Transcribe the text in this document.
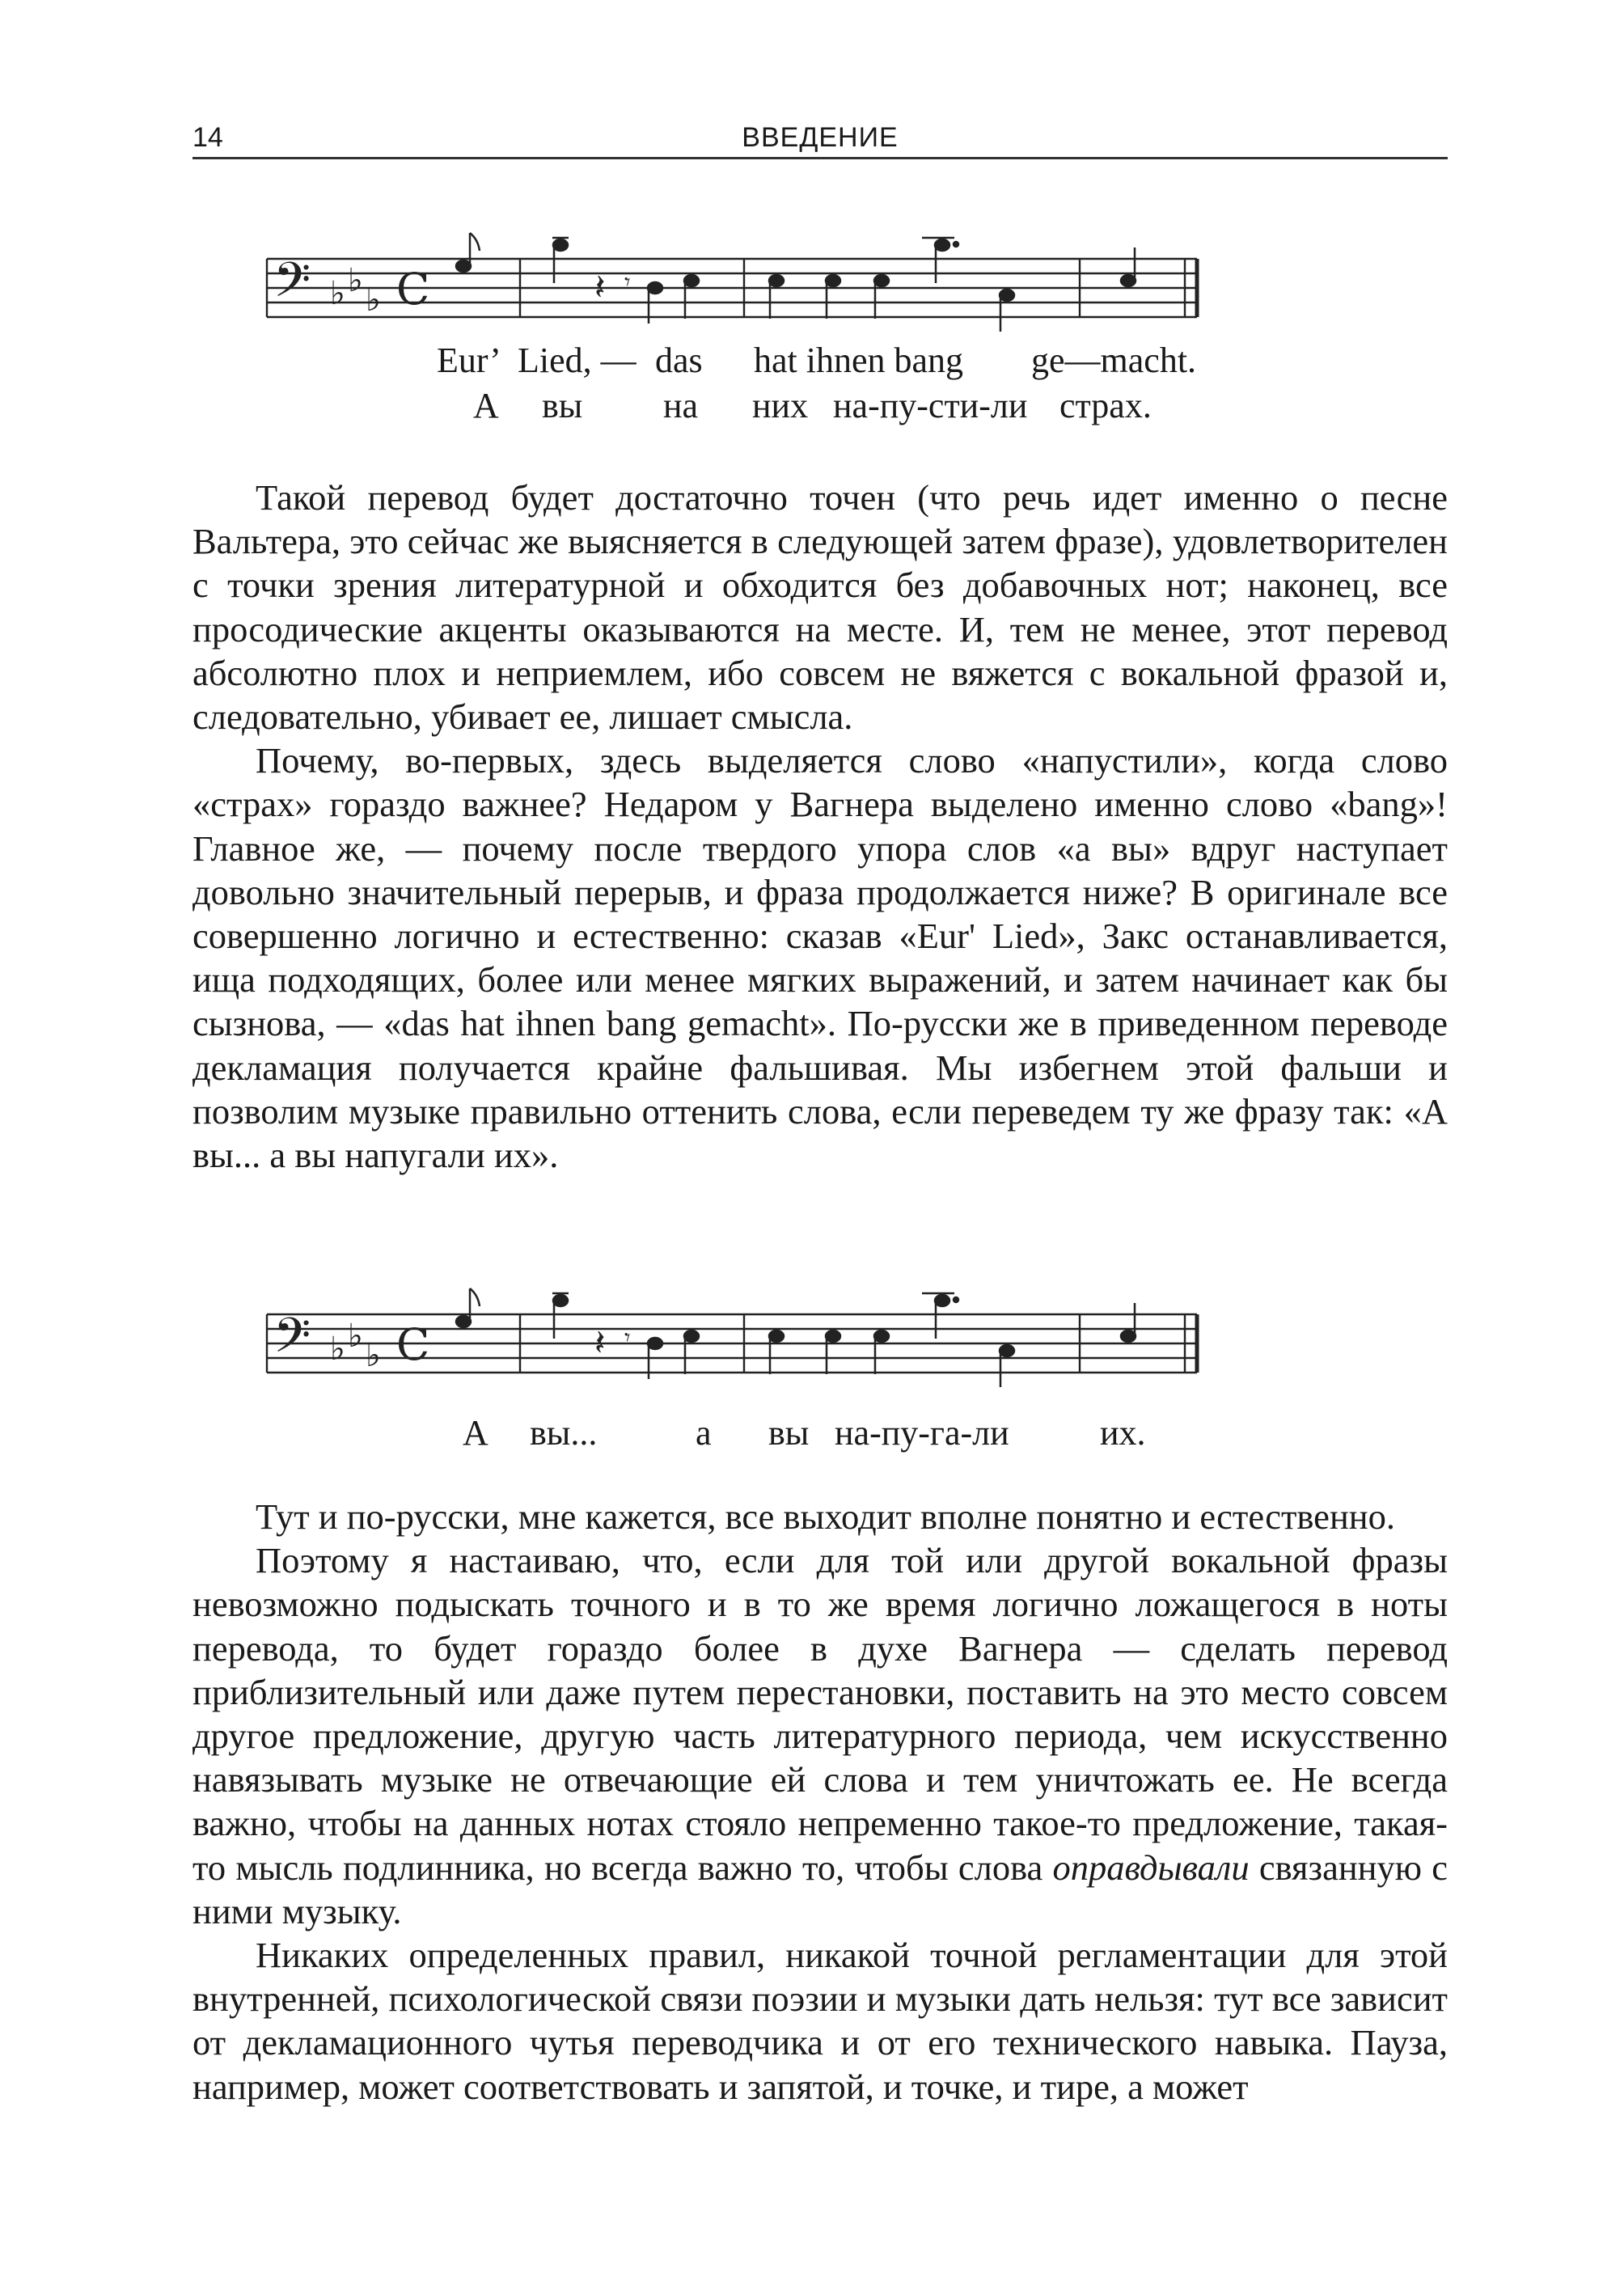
14	ВВЕДЕНИЕ
𝄢 ♭ ♭
♭ C	𝄽 𝄾

Eur’

Lied, —

das

hat ihnen bang

ge—macht.

А

вы

на

них

на-пу-сти-ли

страх.

Такой перевод будет достаточно точен (что речь идет именно о песне Вальтера, это сейчас же выясняется в следующей затем фразе), удовлетворителен с точки зрения литературной и обходится без добавочных нот; наконец, все просодические акценты оказываются на месте. И, тем не менее, этот перевод абсолютно плох и неприемлем, ибо совсем не вяжется с вокальной фразой и, следовательно, убивает ее, лишает смысла.

Почему, во-первых, здесь выделяется слово «напустили», когда слово «страх» гораздо важнее? Недаром у Вагнера выделено именно слово «bang»! Главное же, — почему после твердого упора слов «а вы» вдруг наступает довольно значительный перерыв, и фраза продолжается ниже? В оригинале все совершенно логично и естественно: сказав «Eur' Lied», Закс останавливается, ища подходящих, более или менее мягких выражений, и затем начинает как бы сызнова, — «das hat ihnen bang gemacht». По-русски же в приведенном переводе декламация получается крайне фальшивая. Мы избегнем этой фальши и позволим музыке правильно оттенить слова, если переведем ту же фразу так: «А вы... а вы напугали их».

𝄢 ♭ ♭
♭ C	𝄽 𝄾

А

вы...

	а

вы

на-пу-га-ли

	их.

Тут и по-русски, мне кажется, все выходит вполне понятно и естественно.

Поэтому я настаиваю, что, если для той или другой вокальной фразы невозможно подыскать точного и в то же время логично ложащегося в ноты перевода, то будет гораздо более в духе Вагнера — сделать перевод приблизительный или даже путем перестановки, поставить на это место совсем другое предложение, другую часть литературного периода, чем искусственно навязывать музыке не отвечающие ей слова и тем уничтожать ее. Не всегда важно, чтобы на данных нотах стояло непременно такое-то предложение, такая-то мысль подлинника, но всегда важно то, чтобы слова оправдывали связанную с ними музыку.

Никаких определенных правил, никакой точной регламентации для этой внутренней, психологической связи поэзии и музыки дать нельзя: тут все зависит от декламационного чутья переводчика и от его технического навыка. Пауза, например, может соответствовать и запятой, и точке, и тире, а может
